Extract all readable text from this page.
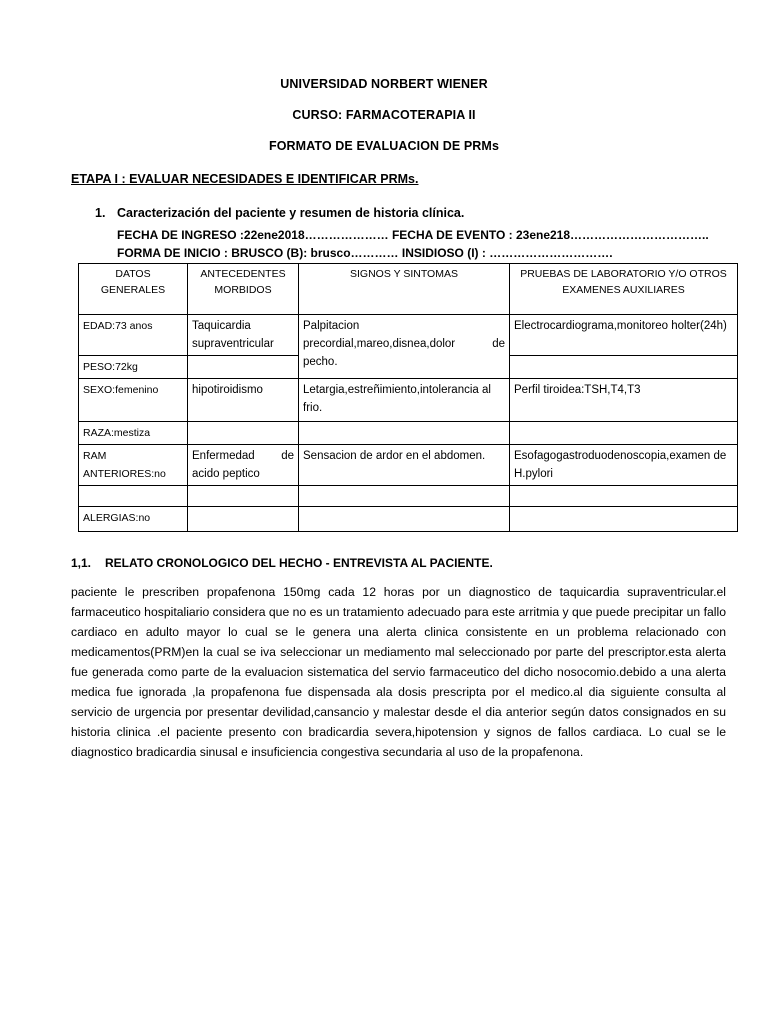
UNIVERSIDAD NORBERT WIENER
CURSO: FARMACOTERAPIA II
FORMATO DE EVALUACION DE PRMs
ETAPA I : EVALUAR NECESIDADES E IDENTIFICAR PRMs.
1. Caracterización del paciente y resumen de historia clínica.
FECHA DE INGRESO :22ene2018………………… FECHA DE EVENTO : 23ene218……………………………..
FORMA DE INICIO : BRUSCO (B): brusco………… INSIDIOSO (I) : ………………………….
DATOS GENERALES	ANTECEDENTES MORBIDOS	SIGNOS Y SINTOMAS	PRUEBAS DE LABORATORIO Y/O OTROS EXAMENES AUXILIARES
EDAD:73 anos	Taquicardia supraventricular	Palpitacion precordial,mareo,disnea,dolor de pecho.	Electrocardiograma,monitoreo holter(24h)
PESO:72kg			
SEXO:femenino	hipotiroidismo	Letargia,estreñimiento,intolerancia al frio.	Perfil tiroidea:TSH,T4,T3
RAZA:mestiza			
RAM ANTERIORES:no	Enfermedad de acido peptico	Sensacion de ardor en el abdomen.	Esofagogastroduodenoscopia,examen de H.pylori

ALERGIAS:no			
1,1. RELATO CRONOLOGICO DEL HECHO - ENTREVISTA AL PACIENTE.

paciente le prescriben propafenona 150mg cada 12 horas por un diagnostico de taquicardia supraventricular.el farmaceutico hospitaliario considera que no es un tratamiento adecuado para este arritmia y que puede precipitar un fallo cardiaco en adulto mayor lo cual se le genera una alerta clinica consistente en un problema relacionado con medicamentos(PRM)en la cual se iva seleccionar un mediamento mal seleccionado por parte del prescriptor.esta alerta fue generada como parte de la evaluacion sistematica del servio farmaceutico del dicho nosocomio.debido a una alerta medica fue ignorada ,la propafenona fue dispensada ala dosis prescripta por el medico.al dia siguiente consulta al servicio de urgencia por presentar devilidad,cansancio y malestar desde el dia anterior según datos consignados en su historia clinica .el paciente presento con bradicardia severa,hipotension y signos de fallos cardiaca. Lo cual se le diagnostico bradicardia sinusal e insuficiencia congestiva secundaria al uso de la propafenona.
